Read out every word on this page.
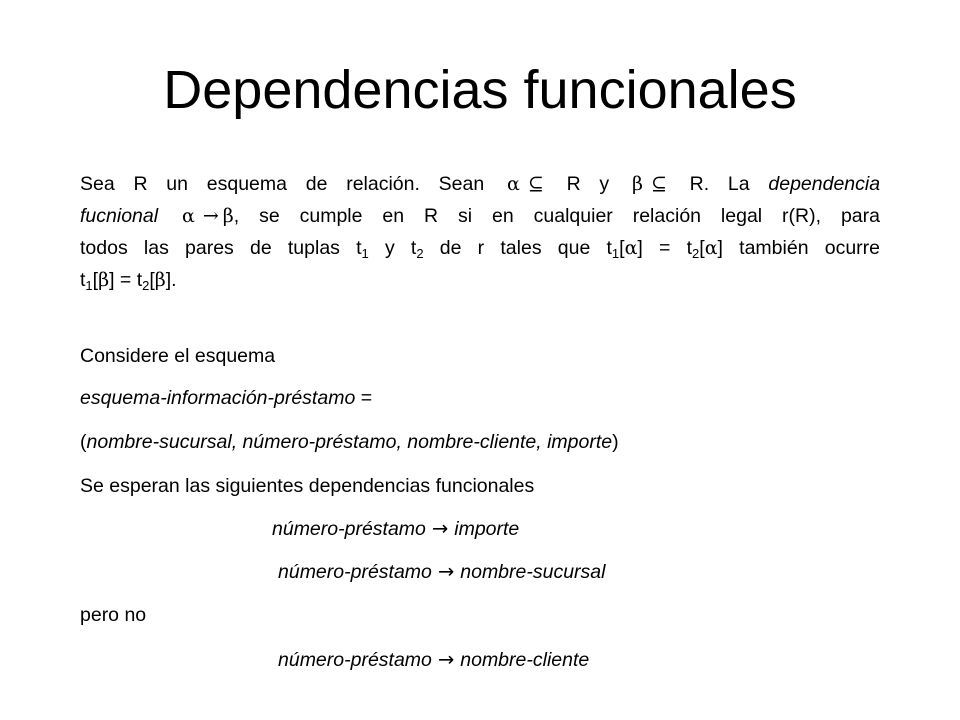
Dependencias funcionales
Sea R un esquema de relación. Sean α ⊆ R y β ⊆ R. La dependencia
fucnional α → β, se cumple en R si en cualquier relación legal r(R), para
todos las pares de tuplas $t_1$ y $t_2$ de r tales que $t_1[\alpha] = t_2[\alpha]$ también ocurre
$t_1[\beta] = t_2[\beta]$.
Considere el esquema
esquema-información-préstamo =
(nombre-sucursal, número-préstamo, nombre-cliente, importe)
Se esperan las siguientes dependencias funcionales
número-préstamo → importe
número-préstamo → nombre-sucursal
pero no
número-préstamo → nombre-cliente
